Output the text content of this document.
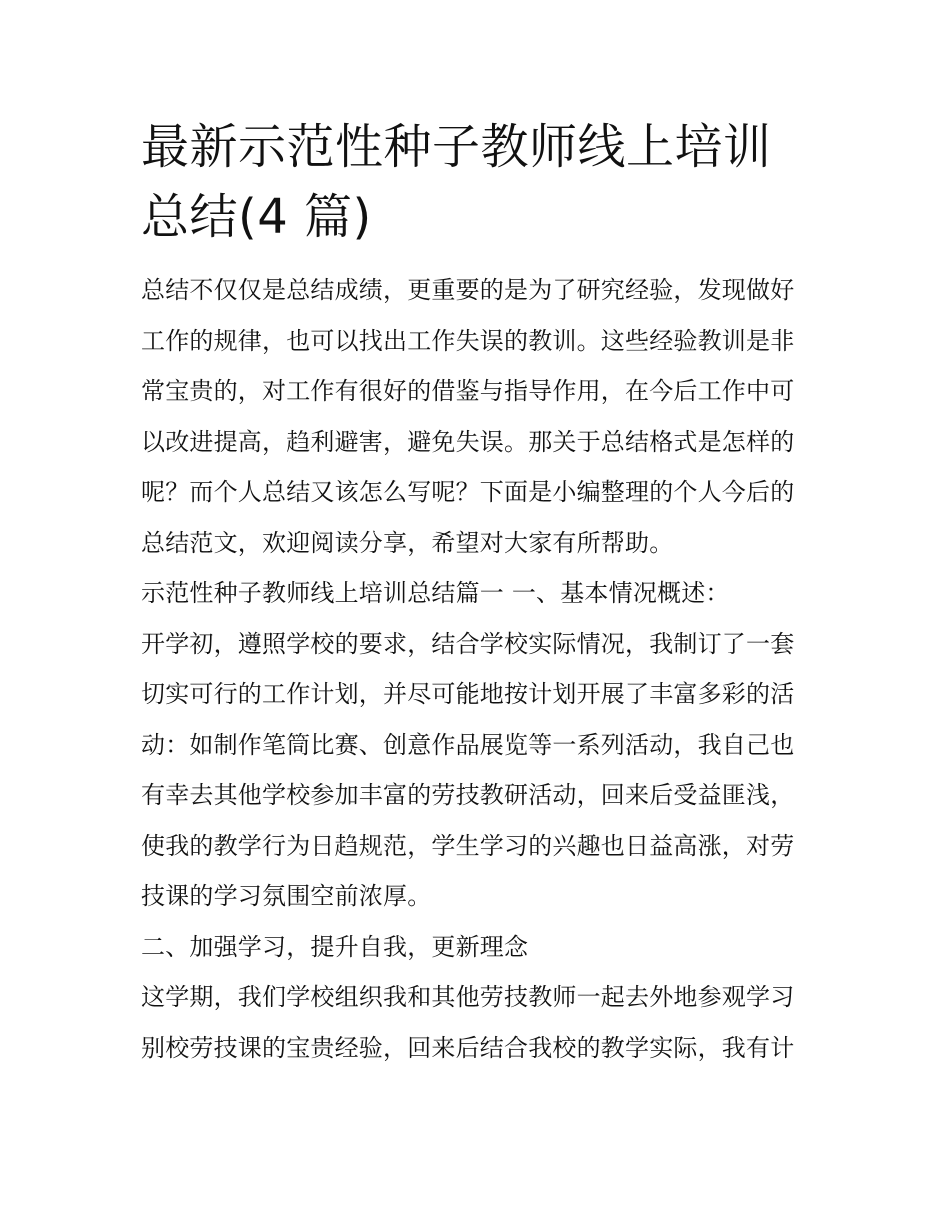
最新示范性种子教师线上培训
总结(4 篇)

总结不仅仅是总结成绩，更重要的是为了研究经验，发现做好
工作的规律，也可以找出工作失误的教训。这些经验教训是非
常宝贵的，对工作有很好的借鉴与指导作用，在今后工作中可
以改进提高，趋利避害，避免失误。那关于总结格式是怎样的
呢？而个人总结又该怎么写呢？下面是小编整理的个人今后的
总结范文，欢迎阅读分享，希望对大家有所帮助。

示范性种子教师线上培训总结篇一 一、基本情况概述：

开学初，遵照学校的要求，结合学校实际情况，我制订了一套
切实可行的工作计划，并尽可能地按计划开展了丰富多彩的活
动：如制作笔筒比赛、创意作品展览等一系列活动，我自己也
有幸去其他学校参加丰富的劳技教研活动，回来后受益匪浅，
使我的教学行为日趋规范，学生学习的兴趣也日益高涨，对劳
技课的学习氛围空前浓厚。

二、加强学习，提升自我，更新理念

这学期，我们学校组织我和其他劳技教师一起去外地参观学习
别校劳技课的宝贵经验，回来后结合我校的教学实际，我有计
